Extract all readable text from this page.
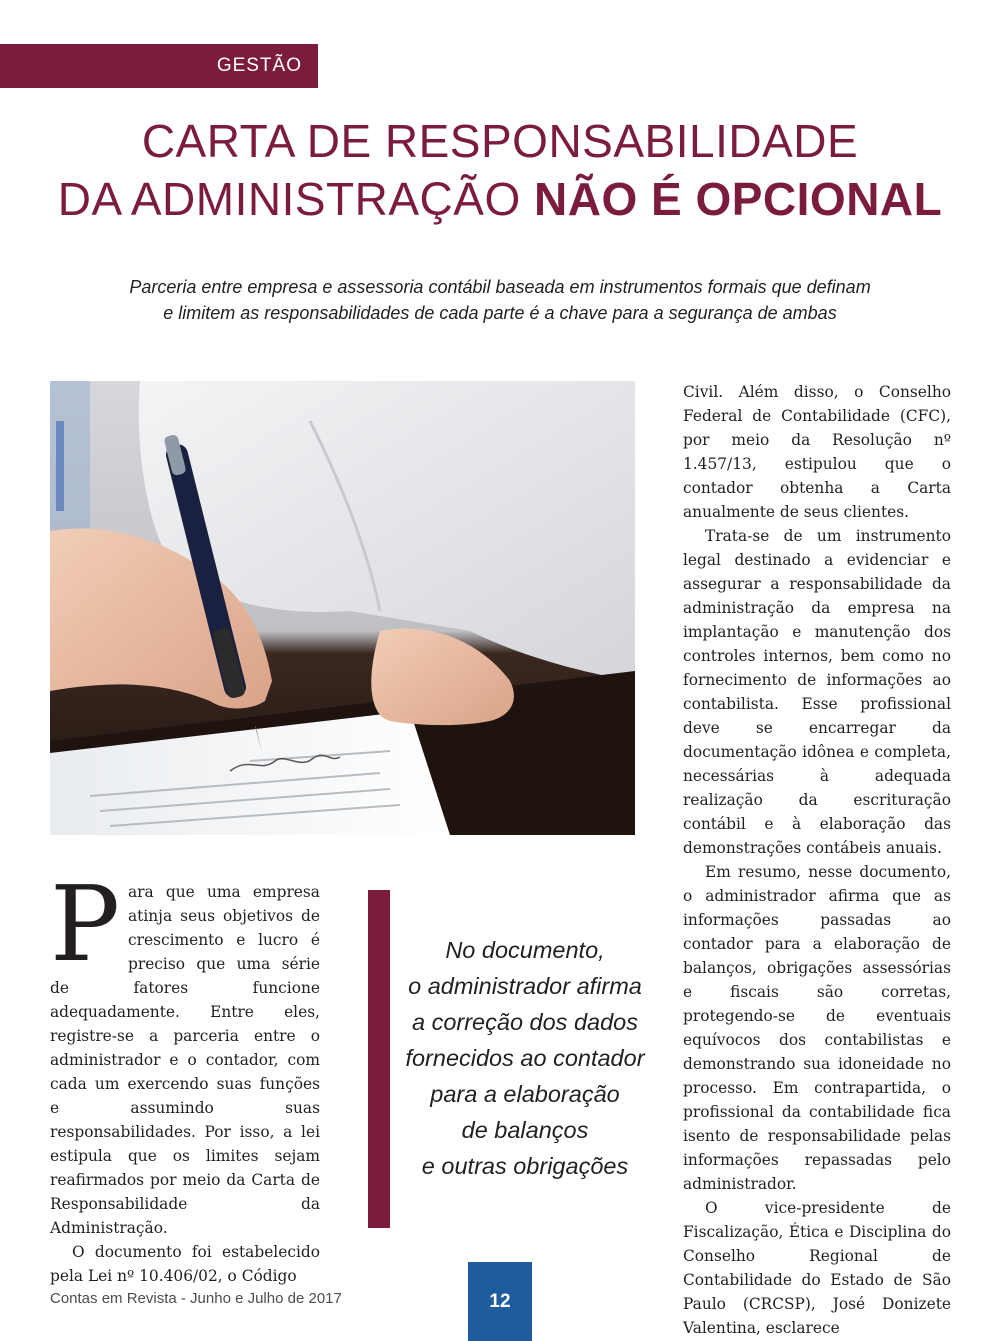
GESTÃO
CARTA DE RESPONSABILIDADE
DA ADMINISTRAÇÃO NÃO É OPCIONAL

Parceria entre empresa e assessoria contábil baseada em instrumentos formais que definam
e limitem as responsabilidades de cada parte é a chave para a segurança de ambas

Para que uma empresa atinja seus objetivos de crescimento e lucro é preciso que uma série de fatores funcione adequadamente. Entre eles, registre-se a parceria entre o administrador e o contador, com cada um exercendo suas funções e assumindo suas responsabilidades. Por isso, a lei estipula que os limites sejam reafirmados por meio da Carta de Responsabilidade da Administração.

O documento foi estabelecido pela Lei nº 10.406/02, o Código

No documento,
o administrador afirma
a correção dos dados
fornecidos ao contador
para a elaboração
de balanços
e outras obrigações

Civil. Além disso, o Conselho Federal de Contabilidade (CFC), por meio da Resolução nº 1.457/13, estipulou que o contador obtenha a Carta anualmente de seus clientes.

Trata-se de um instrumento legal destinado a evidenciar e assegurar a responsabilidade da administração da empresa na implantação e manutenção dos controles internos, bem como no fornecimento de informações ao contabilista. Esse profissional deve se encarregar da documentação idônea e completa, necessárias à adequada realização da escrituração contábil e à elaboração das demonstrações contábeis anuais.

Em resumo, nesse documento, o administrador afirma que as informações passadas ao contador para a elaboração de balanços, obrigações assessórias e fiscais são corretas, protegendo-se de eventuais equívocos dos contabilistas e demonstrando sua idoneidade no processo. Em contrapartida, o profissional da contabilidade fica isento de responsabilidade pelas informações repassadas pelo administrador.

O vice-presidente de Fiscalização, Ética e Disciplina do Conselho Regional de Contabilidade do Estado de São Paulo (CRCSP), José Donizete Valentina, esclarece

Contas em Revista - Junho e Julho de 2017	12
